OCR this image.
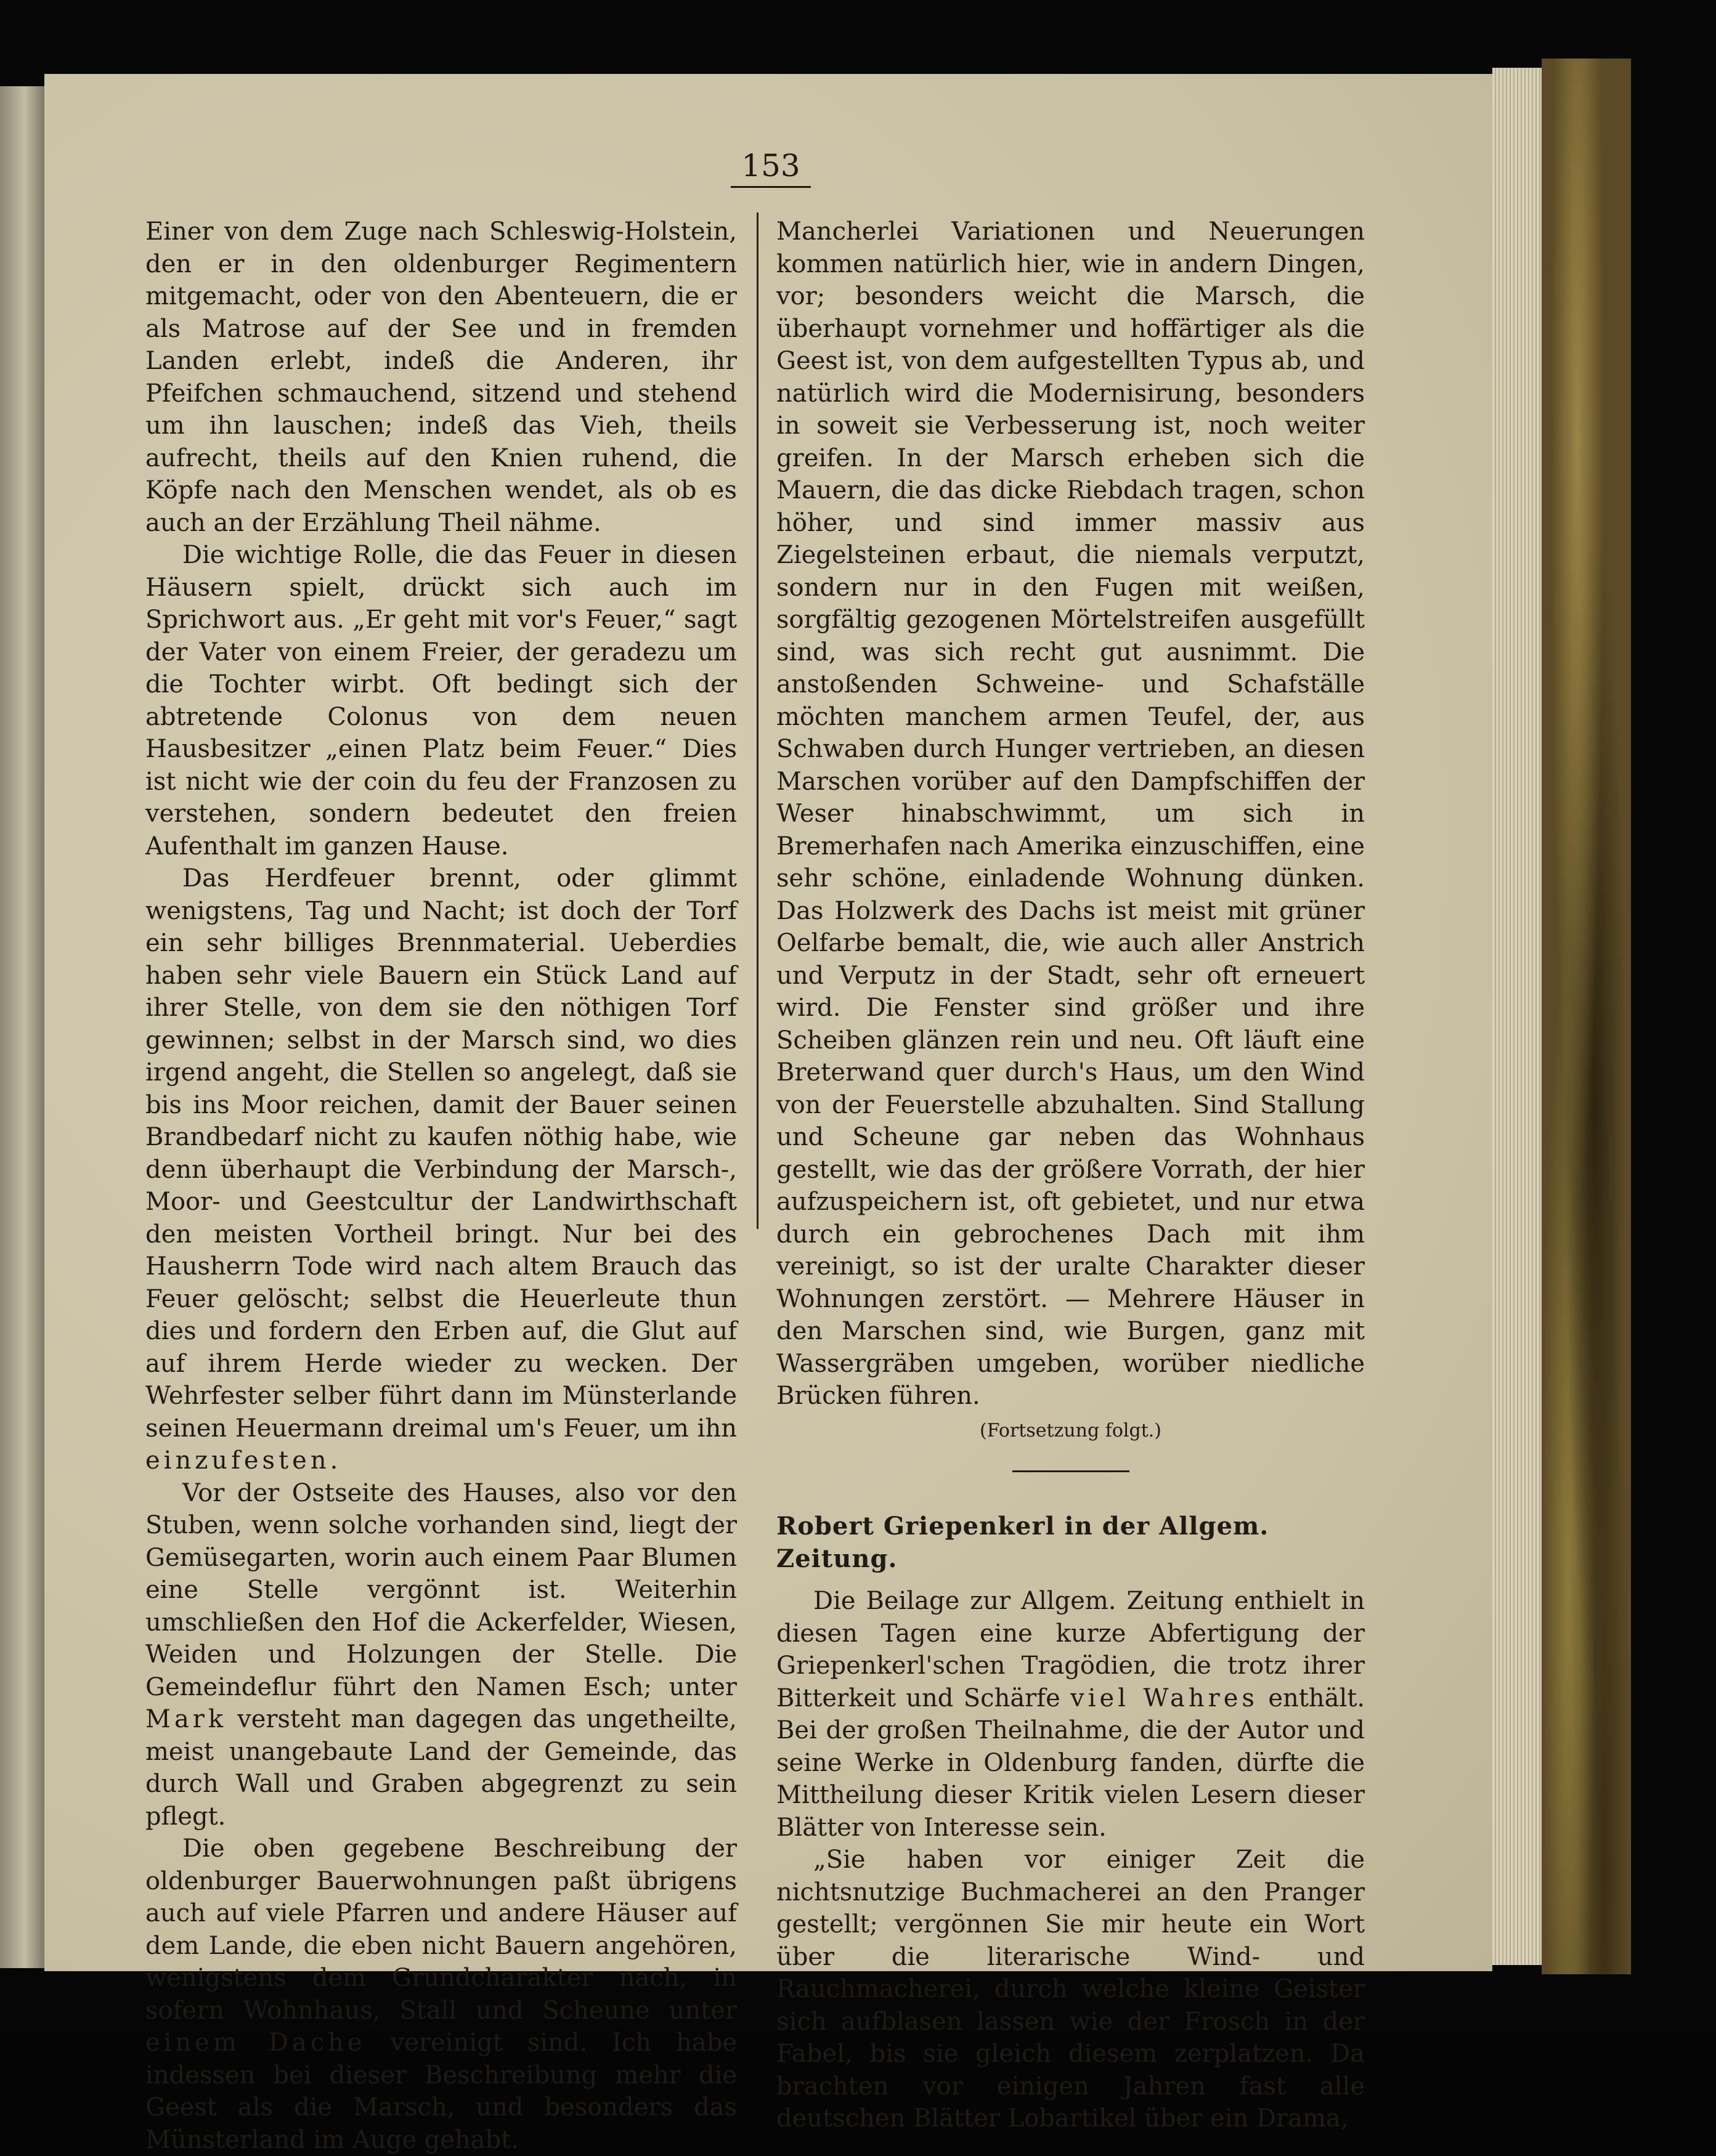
153

Einer von dem Zuge nach Schleswig-Holstein, den er in den oldenburger Regimentern mitgemacht, oder von den Abenteuern, die er als Matrose auf der See und in fremden Landen erlebt, indeß die Anderen, ihr Pfeifchen schmauchend, sitzend und stehend um ihn lauschen; indeß das Vieh, theils aufrecht, theils auf den Knien ruhend, die Köpfe nach den Menschen wendet, als ob es auch an der Erzählung Theil nähme.

Die wichtige Rolle, die das Feuer in diesen Häusern spielt, drückt sich auch im Sprichwort aus. „Er geht mit vor's Feuer,“ sagt der Vater von einem Freier, der geradezu um die Tochter wirbt. Oft bedingt sich der abtretende Colonus von dem neuen Hausbesitzer „einen Platz beim Feuer.“ Dies ist nicht wie der coin du feu der Franzosen zu verstehen, sondern bedeutet den freien Aufenthalt im ganzen Hause.

Das Herdfeuer brennt, oder glimmt wenigstens, Tag und Nacht; ist doch der Torf ein sehr billiges Brennmaterial. Ueberdies haben sehr viele Bauern ein Stück Land auf ihrer Stelle, von dem sie den nöthigen Torf gewinnen; selbst in der Marsch sind, wo dies irgend angeht, die Stellen so angelegt, daß sie bis ins Moor reichen, damit der Bauer seinen Brandbedarf nicht zu kaufen nöthig habe, wie denn überhaupt die Verbindung der Marsch-, Moor- und Geestcultur der Landwirthschaft den meisten Vortheil bringt. Nur bei des Hausherrn Tode wird nach altem Brauch das Feuer gelöscht; selbst die Heuerleute thun dies und fordern den Erben auf, die Glut auf auf ihrem Herde wieder zu wecken. Der Wehrfester selber führt dann im Münsterlande seinen Heuermann dreimal um's Feuer, um ihn einzufesten.

Vor der Ostseite des Hauses, also vor den Stuben, wenn solche vorhanden sind, liegt der Gemüsegarten, worin auch einem Paar Blumen eine Stelle vergönnt ist. Weiterhin umschließen den Hof die Ackerfelder, Wiesen, Weiden und Holzungen der Stelle. Die Gemeindeflur führt den Namen Esch; unter Mark versteht man dagegen das ungetheilte, meist unangebaute Land der Gemeinde, das durch Wall und Graben abgegrenzt zu sein pflegt.

Die oben gegebene Beschreibung der oldenburger Bauerwohnungen paßt übrigens auch auf viele Pfarren und andere Häuser auf dem Lande, die eben nicht Bauern angehören, wenigstens dem Grundcharakter nach, in sofern Wohnhaus, Stall und Scheune unter einem Dache vereinigt sind. Ich habe indessen bei dieser Beschreibung mehr die Geest als die Marsch, und besonders das Münsterland im Auge gehabt.

Mancherlei Variationen und Neuerungen kommen natürlich hier, wie in andern Dingen, vor; besonders weicht die Marsch, die überhaupt vornehmer und hoffärtiger als die Geest ist, von dem aufgestellten Typus ab, und natürlich wird die Modernisirung, besonders in soweit sie Verbesserung ist, noch weiter greifen. In der Marsch erheben sich die Mauern, die das dicke Riebdach tragen, schon höher, und sind immer massiv aus Ziegelsteinen erbaut, die niemals verputzt, sondern nur in den Fugen mit weißen, sorgfältig gezogenen Mörtelstreifen ausgefüllt sind, was sich recht gut ausnimmt. Die anstoßenden Schweine- und Schafställe möchten manchem armen Teufel, der, aus Schwaben durch Hunger vertrieben, an diesen Marschen vorüber auf den Dampfschiffen der Weser hinabschwimmt, um sich in Bremerhafen nach Amerika einzuschiffen, eine sehr schöne, einladende Wohnung dünken. Das Holzwerk des Dachs ist meist mit grüner Oelfarbe bemalt, die, wie auch aller Anstrich und Verputz in der Stadt, sehr oft erneuert wird. Die Fenster sind größer und ihre Scheiben glänzen rein und neu. Oft läuft eine Breterwand quer durch's Haus, um den Wind von der Feuerstelle abzuhalten. Sind Stallung und Scheune gar neben das Wohnhaus gestellt, wie das der größere Vorrath, der hier aufzuspeichern ist, oft gebietet, und nur etwa durch ein gebrochenes Dach mit ihm vereinigt, so ist der uralte Charakter dieser Wohnungen zerstört. — Mehrere Häuser in den Marschen sind, wie Burgen, ganz mit Wassergräben umgeben, worüber niedliche Brücken führen.

(Fortsetzung folgt.)

Robert Griepenkerl in der Allgem. Zeitung.

Die Beilage zur Allgem. Zeitung enthielt in diesen Tagen eine kurze Abfertigung der Griepenkerl'schen Tragödien, die trotz ihrer Bitterkeit und Schärfe viel Wahres enthält. Bei der großen Theilnahme, die der Autor und seine Werke in Oldenburg fanden, dürfte die Mittheilung dieser Kritik vielen Lesern dieser Blätter von Interesse sein.

„Sie haben vor einiger Zeit die nichtsnutzige Buchmacherei an den Pranger gestellt; vergönnen Sie mir heute ein Wort über die literarische Wind- und Rauchmacherei, durch welche kleine Geister sich aufblasen lassen wie der Frosch in der Fabel, bis sie gleich diesem zerplatzen. Da brachten vor einigen Jahren fast alle deutschen Blätter Lobartikel über ein Drama,
